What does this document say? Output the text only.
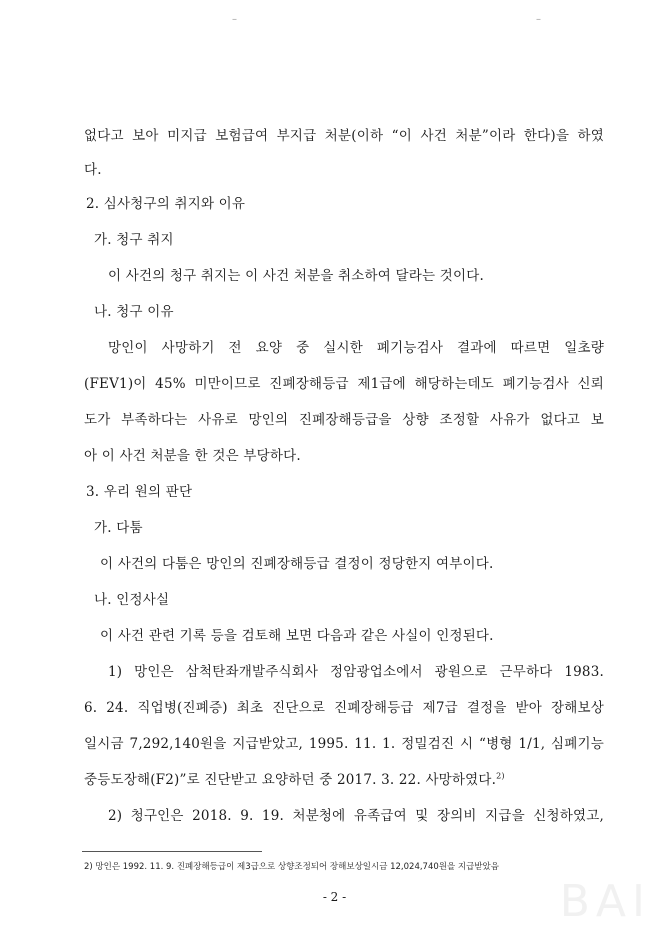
–	–
없다고 보아 미지급 보험급여 부지급 처분(이하 “이 사건 처분”이라 한다)을 하였
다.
2. 심사청구의 취지와 이유
가. 청구 취지
이 사건의 청구 취지는 이 사건 처분을 취소하여 달라는 것이다.
나. 청구 이유
망인이 사망하기 전 요양 중 실시한 폐기능검사 결과에 따르면 일초량
(FEV1)이 45% 미만이므로 진폐장해등급 제1급에 해당하는데도 폐기능검사 신뢰
도가 부족하다는 사유로 망인의 진폐장해등급을 상향 조정할 사유가 없다고 보
아 이 사건 처분을 한 것은 부당하다.
3. 우리 원의 판단
가. 다툼
이 사건의 다툼은 망인의 진폐장해등급 결정이 정당한지 여부이다.
나. 인정사실
이 사건 관련 기록 등을 검토해 보면 다음과 같은 사실이 인정된다.
1) 망인은 삼척탄좌개발주식회사 정암광업소에서 광원으로 근무하다 1983.
6. 24. 직업병(진폐증) 최초 진단으로 진폐장해등급 제7급 결정을 받아 장해보상
일시금 7,292,140원을 지급받았고, 1995. 11. 1. 정밀검진 시 “병형 1/1, 심폐기능
중등도장해(F2)”로 진단받고 요양하던 중 2017. 3. 22. 사망하였다.$^{2)}$
2) 청구인은 2018. 9. 19. 처분청에 유족급여 및 장의비 지급을 신청하였고,
2) 망인은 1992. 11. 9. 진폐장해등급이 제3급으로 상향조정되어 장해보상일시금 12,024,740원을 지급받았음
- 2 -	BAI
